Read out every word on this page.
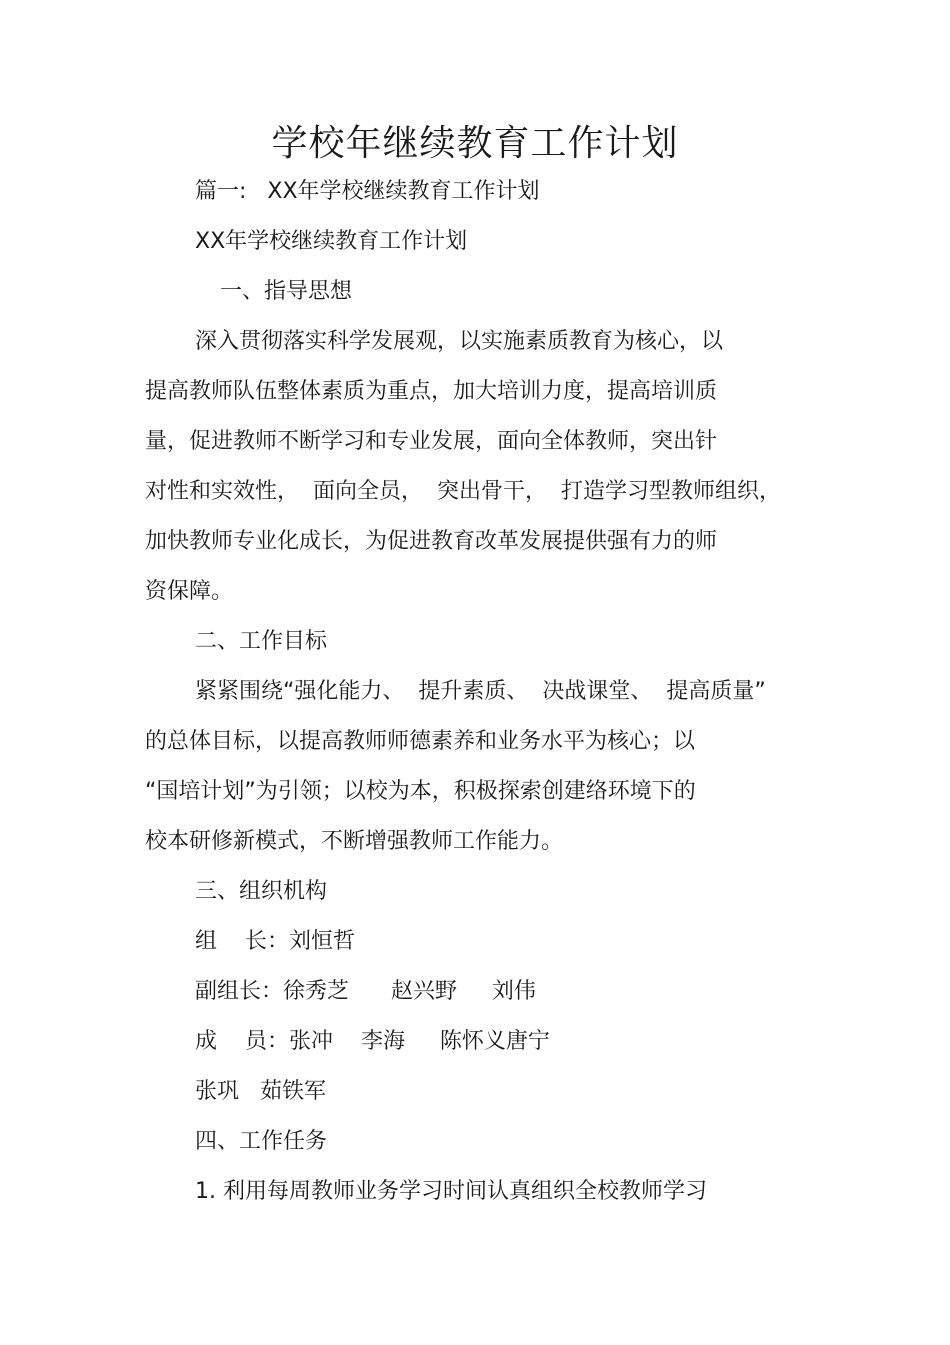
学校年继续教育工作计划

篇一:   XX年学校继续教育工作计划

XX年学校继续教育工作计划

一、指导思想

深入贯彻落实科学发展观，以实施素质教育为核心，以

提高教师队伍整体素质为重点，加大培训力度，提高培训质

量，促进教师不断学习和专业发展，面向全体教师，突出针

对性和实效性，  面向全员，  突出骨干，  打造学习型教师组织，

加快教师专业化成长，为促进教育改革发展提供强有力的师

资保障。

二、工作目标

紧紧围绕“强化能力、  提升素质、  决战课堂、  提高质量”

的总体目标，以提高教师师德素养和业务水平为核心；以

“国培计划”为引领；以校为本，积极探索创建络环境下的

校本研修新模式，不断增强教师工作能力。

三、组织机构

组    长：刘恒哲

副组长：徐秀芝      赵兴野     刘伟

成    员：张冲    李海     陈怀义唐宁

张巩   茹铁军

四、工作任务

1. 利用每周教师业务学习时间认真组织全校教师学习
